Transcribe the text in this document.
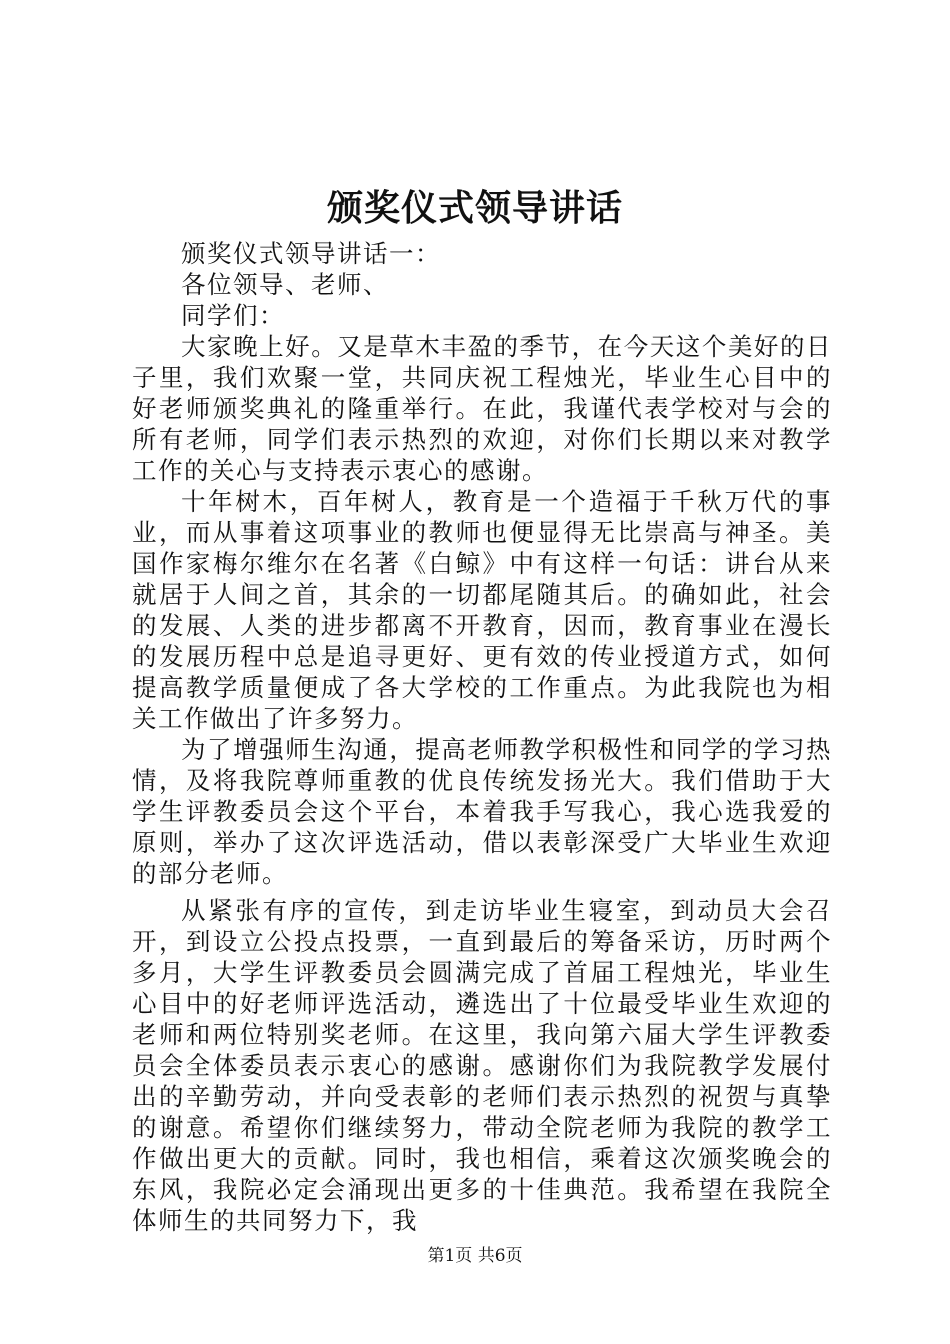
颁奖仪式领导讲话

颁奖仪式领导讲话一：

各位领导、老师、

同学们：

大家晚上好。又是草木丰盈的季节，在今天这个美好的日子里，我们欢聚一堂，共同庆祝工程烛光，毕业生心目中的好老师颁奖典礼的隆重举行。在此，我谨代表学校对与会的所有老师，同学们表示热烈的欢迎，对你们长期以来对教学工作的关心与支持表示衷心的感谢。

十年树木，百年树人，教育是一个造福于千秋万代的事业，而从事着这项事业的教师也便显得无比崇高与神圣。美国作家梅尔维尔在名著《白鲸》中有这样一句话：讲台从来就居于人间之首，其余的一切都尾随其后。的确如此，社会的发展、人类的进步都离不开教育，因而，教育事业在漫长的发展历程中总是追寻更好、更有效的传业授道方式，如何提高教学质量便成了各大学校的工作重点。为此我院也为相关工作做出了许多努力。

为了增强师生沟通，提高老师教学积极性和同学的学习热情，及将我院尊师重教的优良传统发扬光大。我们借助于大学生评教委员会这个平台，本着我手写我心，我心选我爱的原则，举办了这次评选活动，借以表彰深受广大毕业生欢迎的部分老师。

从紧张有序的宣传，到走访毕业生寝室，到动员大会召开，到设立公投点投票，一直到最后的筹备采访，历时两个多月，大学生评教委员会圆满完成了首届工程烛光，毕业生心目中的好老师评选活动，遴选出了十位最受毕业生欢迎的老师和两位特别奖老师。在这里，我向第六届大学生评教委员会全体委员表示衷心的感谢。感谢你们为我院教学发展付出的辛勤劳动，并向受表彰的老师们表示热烈的祝贺与真挚的谢意。希望你们继续努力，带动全院老师为我院的教学工作做出更大的贡献。同时，我也相信，乘着这次颁奖晚会的东风，我院必定会涌现出更多的十佳典范。我希望在我院全体师生的共同努力下，我

第1页 共6页
